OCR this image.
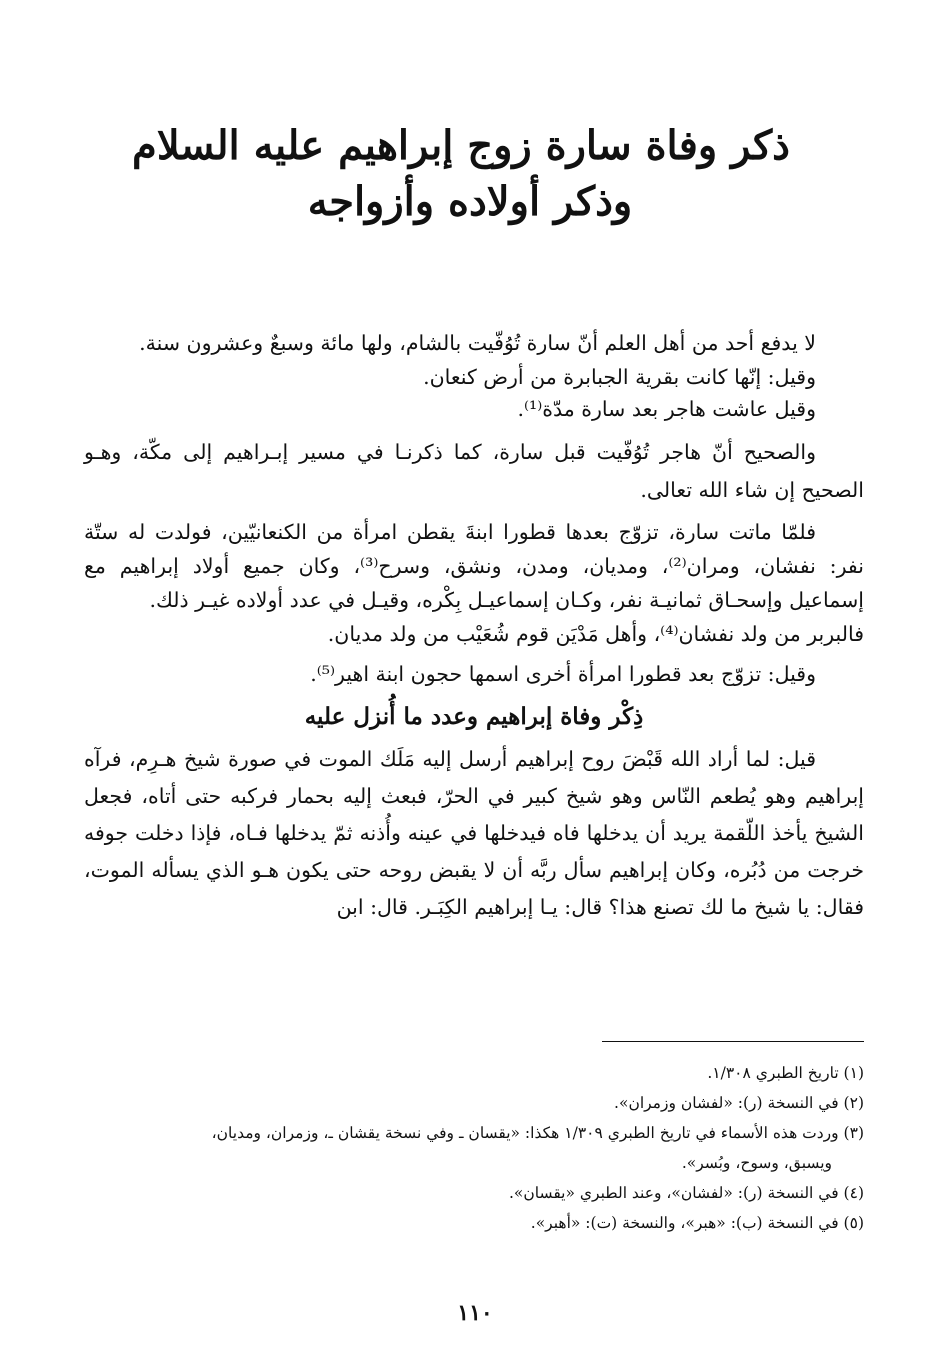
ذكر وفاة سارة زوج إبراهيم عليه السلام
وذكر أولاده وأزواجه

لا يدفع أحد من أهل العلم أنّ سارة تُوُفّيت بالشام، ولها مائة وسبعٌ وعشرون سنة.

وقيل: إنّها كانت بقرية الجبابرة من أرض كنعان.

وقيل عاشت هاجر بعد سارة مدّة⁽¹⁾.

والصحيح أنّ هاجر تُوُفّيت قبل سارة، كما ذكرنـا في مسير إبـراهيم إلى مكّة، وهـو الصحيح إن شاء الله تعالى.

فلمّا ماتت سارة، تزوّج بعدها قطورا ابنةَ يقطن امرأة من الكنعانيّين، فولدت له ستّة نفر: نفشان، ومران⁽²⁾، ومديان، ومدن، ونشق، وسرح⁽³⁾، وكان جميع أولاد إبراهيم مع إسماعيل وإسحـاق ثمانيـة نفر، وكـان إسماعيـل بِكْره، وقيـل في عدد أولاده غيـر ذلك.

فالبربر من ولد نفشان⁽⁴⁾، وأهل مَدْيَن قوم شُعَيْب من ولد مديان.

وقيل: تزوّج بعد قطورا امرأة أخرى اسمها حجون ابنة اهير⁽⁵⁾.

ذِكْر وفاة إبراهيم وعدد ما أُنزل عليه

قيل: لما أراد الله قَبْضَ روح إبراهيم أرسل إليه مَلَك الموت في صورة شيخ هـرِم، فرآه إبراهيم وهو يُطعم النّاس وهو شيخ كبير في الحرّ، فبعث إليه بحمار فركبه حتى أتاه، فجعل الشيخ يأخذ اللّقمة يريد أن يدخلها فاه فيدخلها في عينه وأُذنه ثمّ يدخلها فـاه، فإذا دخلت جوفه خرجت من دُبُره، وكان إبراهيم سأل ربَّه أن لا يقبض روحه حتى يكون هـو الذي يسأله الموت، فقال: يا شيخ ما لك تصنع هذا؟ قال: يـا إبراهيم الكِبَـر. قال: ابن

(١) تاريخ الطبري ١/٣٠٨.
(٢) في النسخة (ر): «لفشان وزمران».
(٣) وردت هذه الأسماء في تاريخ الطبري ١/٣٠٩ هكذا: «يقسان ـ وفي نسخة يقشان ـ، وزمران، ومديان،
ويسبق، وسوح، وبُسر».
(٤) في النسخة (ر): «لفشان»، وعند الطبري «يقسان».
(٥) في النسخة (ب): «هبر»، والنسخة (ت): «أهبر».
١١٠
